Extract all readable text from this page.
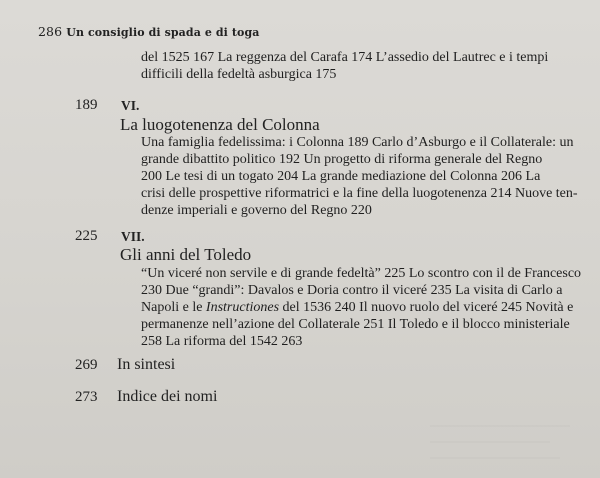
286 Un consiglio di spada e di toga
del 1525 167 La reggenza del Carafa 174 L’assedio del Lautrec e i tempi
difficili della fedeltà asburgica 175
189 VI.
La luogotenenza del Colonna
Una famiglia fedelissima: i Colonna 189 Carlo d’Asburgo e il Collaterale: un
grande dibattito politico 192 Un progetto di riforma generale del Regno
200 Le tesi di un togato 204 La grande mediazione del Colonna 206 La
crisi delle prospettive riformatrici e la fine della luogotenenza 214 Nuove ten-
denze imperiali e governo del Regno 220
225 VII.
Gli anni del Toledo
“Un viceré non servile e di grande fedeltà” 225 Lo scontro con il de Francesco
230 Due “grandi”: Davalos e Doria contro il viceré 235 La visita di Carlo a
Napoli e le Instructiones del 1536 240 Il nuovo ruolo del viceré 245 Novità e
permanenze nell’azione del Collaterale 251 Il Toledo e il blocco ministeriale
258 La riforma del 1542 263
269 In sintesi
273 Indice dei nomi
